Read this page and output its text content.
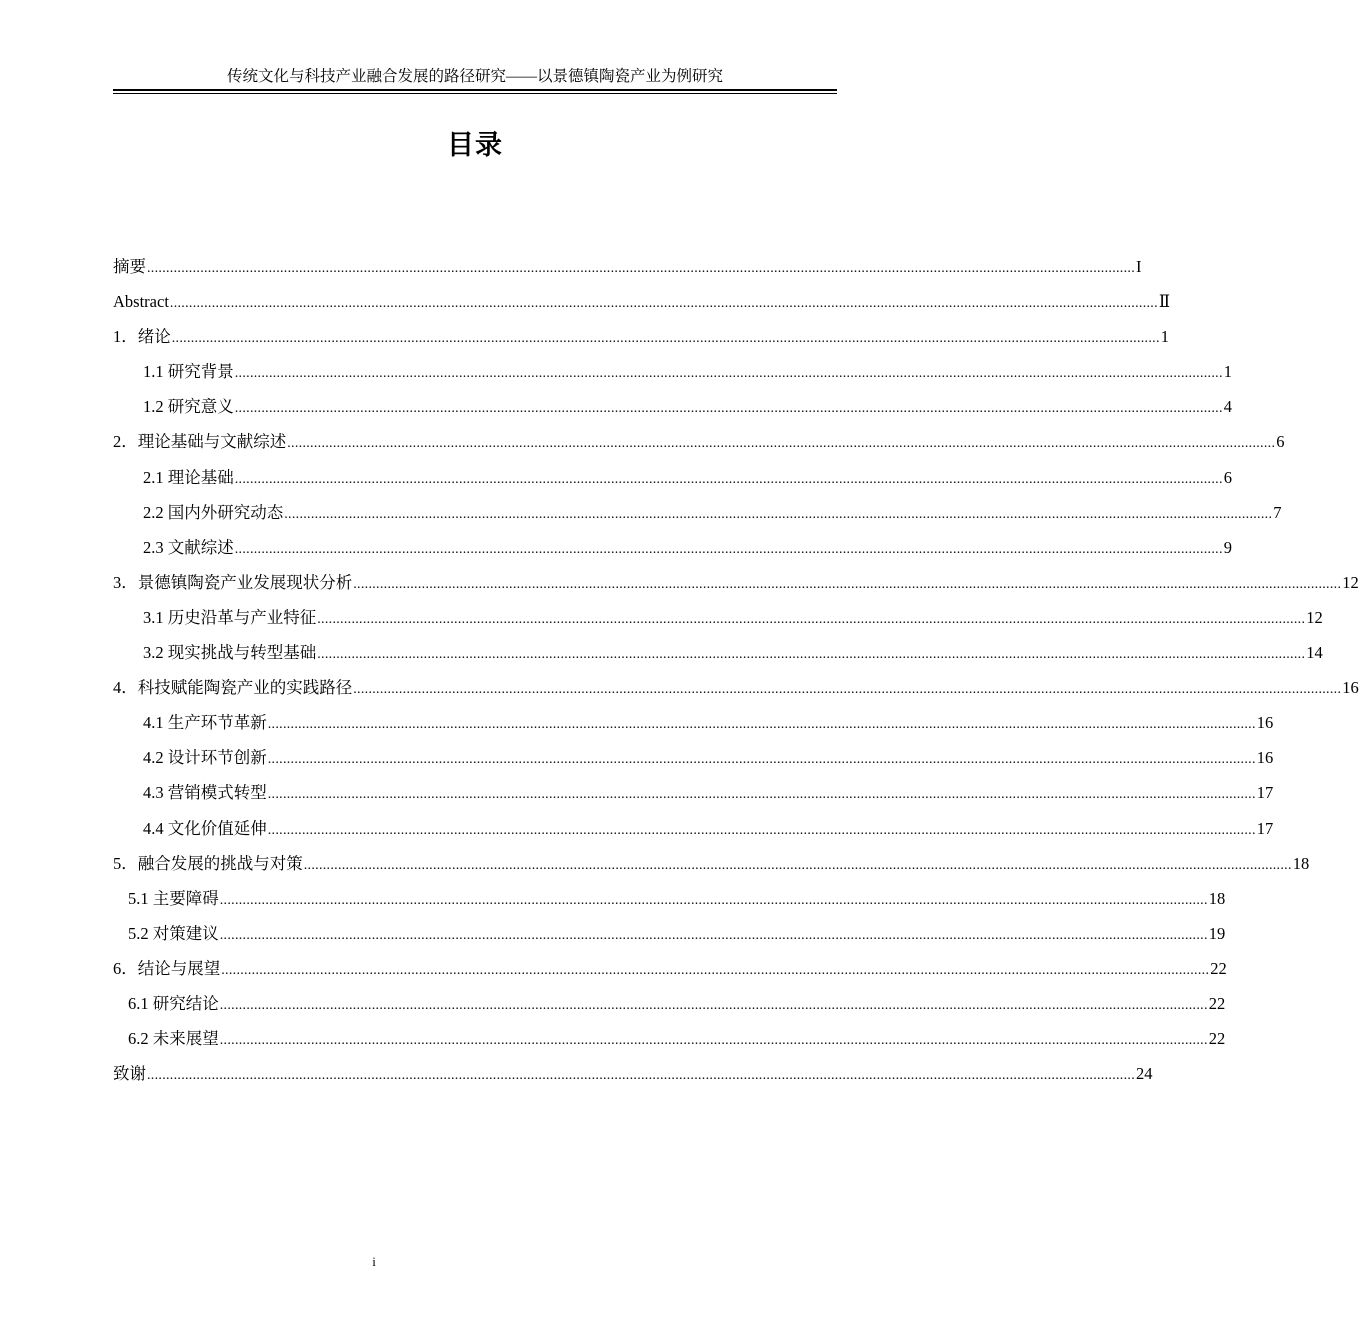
传统文化与科技产业融合发展的路径研究——以景德镇陶瓷产业为例研究
目录
摘要 .................................................................................................................................................................................................................................................................... I
Abstract .................................................................................................................................................................................................................................................................... Ⅱ
1．绪论 .................................................................................................................................................................................................................................................................... 1
1.1 研究背景 .................................................................................................................................................................................................................................................................... 1
1.2 研究意义 .................................................................................................................................................................................................................................................................... 4
2．理论基础与文献综述 .................................................................................................................................................................................................................................................................... 6
2.1 理论基础 .................................................................................................................................................................................................................................................................... 6
2.2 国内外研究动态 .................................................................................................................................................................................................................................................................... 7
2.3 文献综述 .................................................................................................................................................................................................................................................................... 9
3．景德镇陶瓷产业发展现状分析 .................................................................................................................................................................................................................................................................... 12
3.1 历史沿革与产业特征 .................................................................................................................................................................................................................................................................... 12
3.2 现实挑战与转型基础 .................................................................................................................................................................................................................................................................... 14
4．科技赋能陶瓷产业的实践路径 .................................................................................................................................................................................................................................................................... 16
4.1 生产环节革新 .................................................................................................................................................................................................................................................................... 16
4.2 设计环节创新 .................................................................................................................................................................................................................................................................... 16
4.3 营销模式转型 .................................................................................................................................................................................................................................................................... 17
4.4 文化价值延伸 .................................................................................................................................................................................................................................................................... 17
5．融合发展的挑战与对策 .................................................................................................................................................................................................................................................................... 18
5.1 主要障碍 .................................................................................................................................................................................................................................................................... 18
5.2 对策建议 .................................................................................................................................................................................................................................................................... 19
6．结论与展望 .................................................................................................................................................................................................................................................................... 22
6.1 研究结论 .................................................................................................................................................................................................................................................................... 22
6.2 未来展望 .................................................................................................................................................................................................................................................................... 22
致谢 .................................................................................................................................................................................................................................................................... 24
i
